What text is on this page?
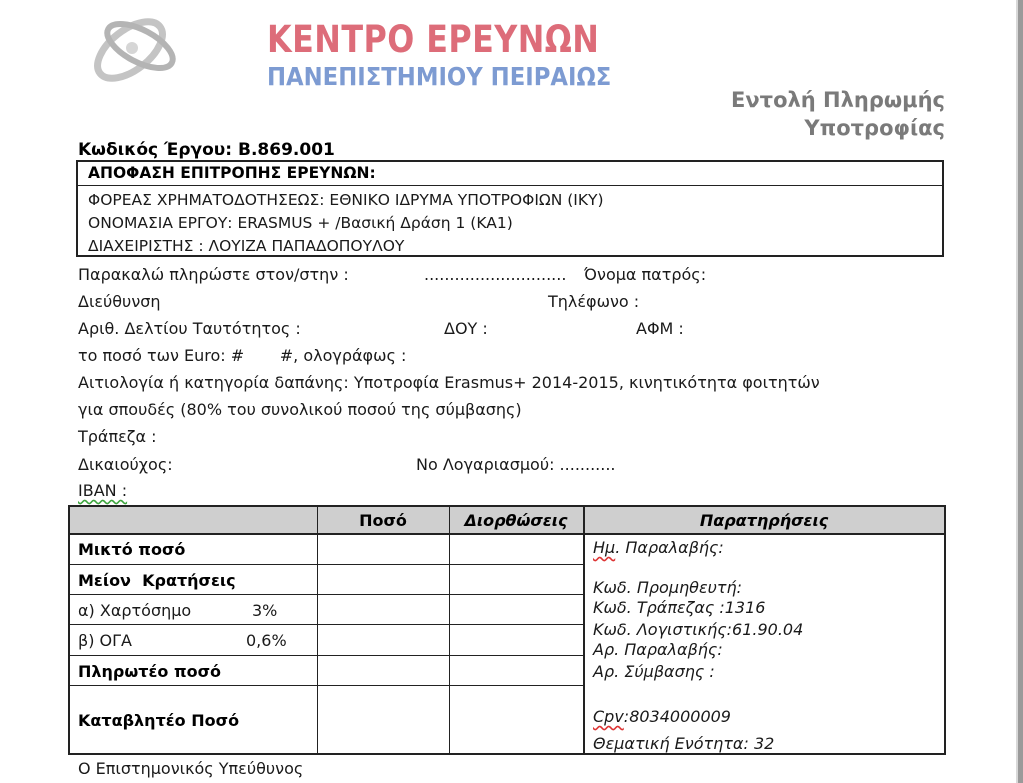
ΚΕΝΤΡΟ ΕΡΕΥΝΩΝ
ΠΑΝΕΠΙΣΤΗΜΙΟΥ ΠΕΙΡΑΙΩΣ
Εντολή Πληρωμής
Υποτροφίας
Κωδικός Έργου: Β.869.001
ΑΠΟΦΑΣΗ ΕΠΙΤΡΟΠΗΣ ΕΡΕΥΝΩΝ:
ΦΟΡΕΑΣ ΧΡΗΜΑΤΟΔΟΤΗΣΕΩΣ: ΕΘΝΙΚΟ ΙΔΡΥΜΑ ΥΠΟΤΡΟΦΙΩΝ (ΙΚΥ)
ΟΝΟΜΑΣΙΑ ΕΡΓΟΥ: ERASMUS + /Βασική Δράση 1 (KA1)
ΔΙΑΧΕΙΡΙΣΤΗΣ : ΛΟΥΙΖΑ ΠΑΠΑΔΟΠΟΥΛΟΥ
Παρακαλώ πληρώστε στον/στην :	............................ Όνομα πατρός:
Διεύθυνση	Τηλέφωνο :
Αριθ. Δελτίου Ταυτότητος :	ΔΟΥ :	ΑΦΜ :
το ποσό των Euro: #       #, ολογράφως :
Αιτιολογία ή κατηγορία δαπάνης: Υποτροφία Erasmus+ 2014-2015, κινητικότητα φοιτητών
για σπουδές (80% του συνολικού ποσού της σύμβασης)
Τράπεζα :
Δικαιούχος:	Νο Λογαριασμού: ...........
IBAN :
Ποσό	Διορθώσεις	Παρατηρήσεις
Μικτό ποσό
Μείον  Κρατήσεις
α) Χαρτόσημο	3%
β) ΟΓΑ	0,6%
Πληρωτέο ποσό
Καταβλητέο Ποσό
Ημ. Παραλαβής:
Κωδ. Προμηθευτή:
Κωδ. Τράπεζας :1316
Κωδ. Λογιστικής:61.90.04
Αρ. Παραλαβής:
Αρ. Σύμβασης :
Cpv:8034000009
Θεματική Ενότητα: 32
Ο Επιστημονικός Υπεύθυνος
